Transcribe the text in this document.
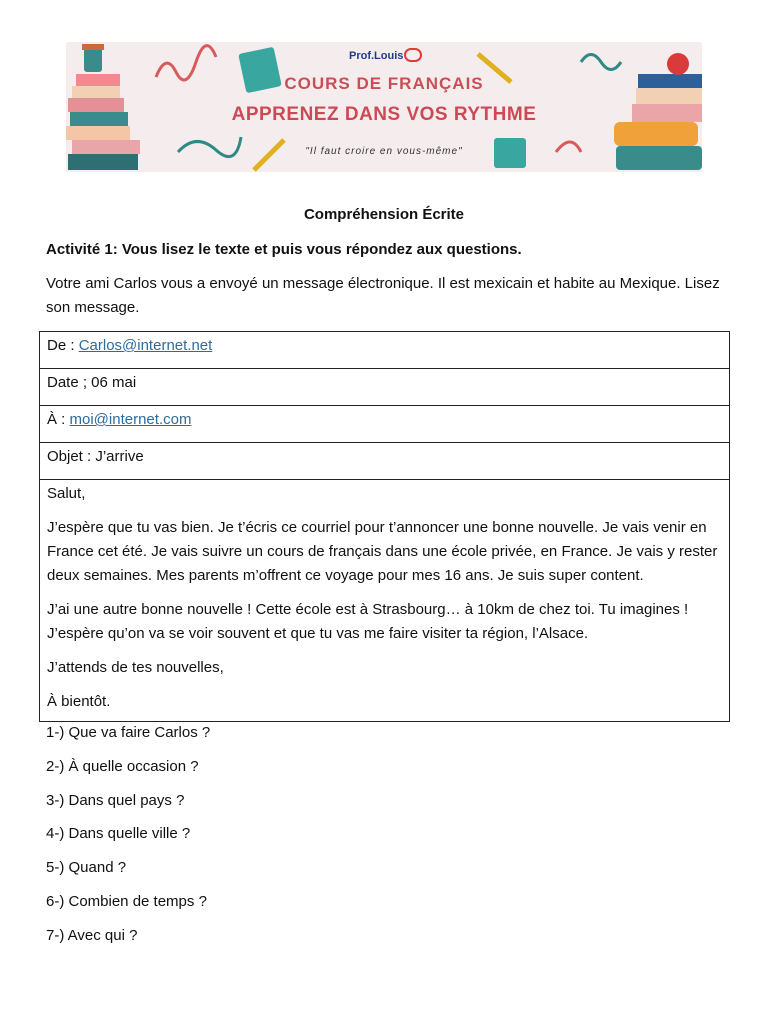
Prof.Louis
COURS DE FRANÇAIS
APPRENEZ DANS VOS RYTHME
"Il faut croire en vous-même"
Compréhension Écrite
Activité 1: Vous lisez le texte et puis vous répondez aux questions.
Votre ami Carlos vous a envoyé un message électronique. Il est mexicain et habite au Mexique. Lisez son message.
De : Carlos@internet.net
Date ; 06 mai
À : moi@internet.com
Objet : J’arrive

Salut,

J’espère que tu vas bien. Je t’écris ce courriel pour t’annoncer une bonne nouvelle. Je vais venir en France cet été. Je vais suivre un cours de français dans une école privée, en France. Je vais y rester deux semaines. Mes parents m’offrent ce voyage pour mes 16 ans. Je suis super content.

J’ai une autre bonne nouvelle ! Cette école est à Strasbourg… à 10km de chez toi. Tu imagines ! J’espère qu’on va se voir souvent et que tu vas me faire visiter ta région, l’Alsace.

J’attends de tes nouvelles,

À bientôt.

1-) Que va faire Carlos ?
2-) À quelle occasion ?
3-) Dans quel pays ?
4-) Dans quelle ville ?
5-) Quand ?
6-) Combien de temps ?
7-) Avec qui ?
